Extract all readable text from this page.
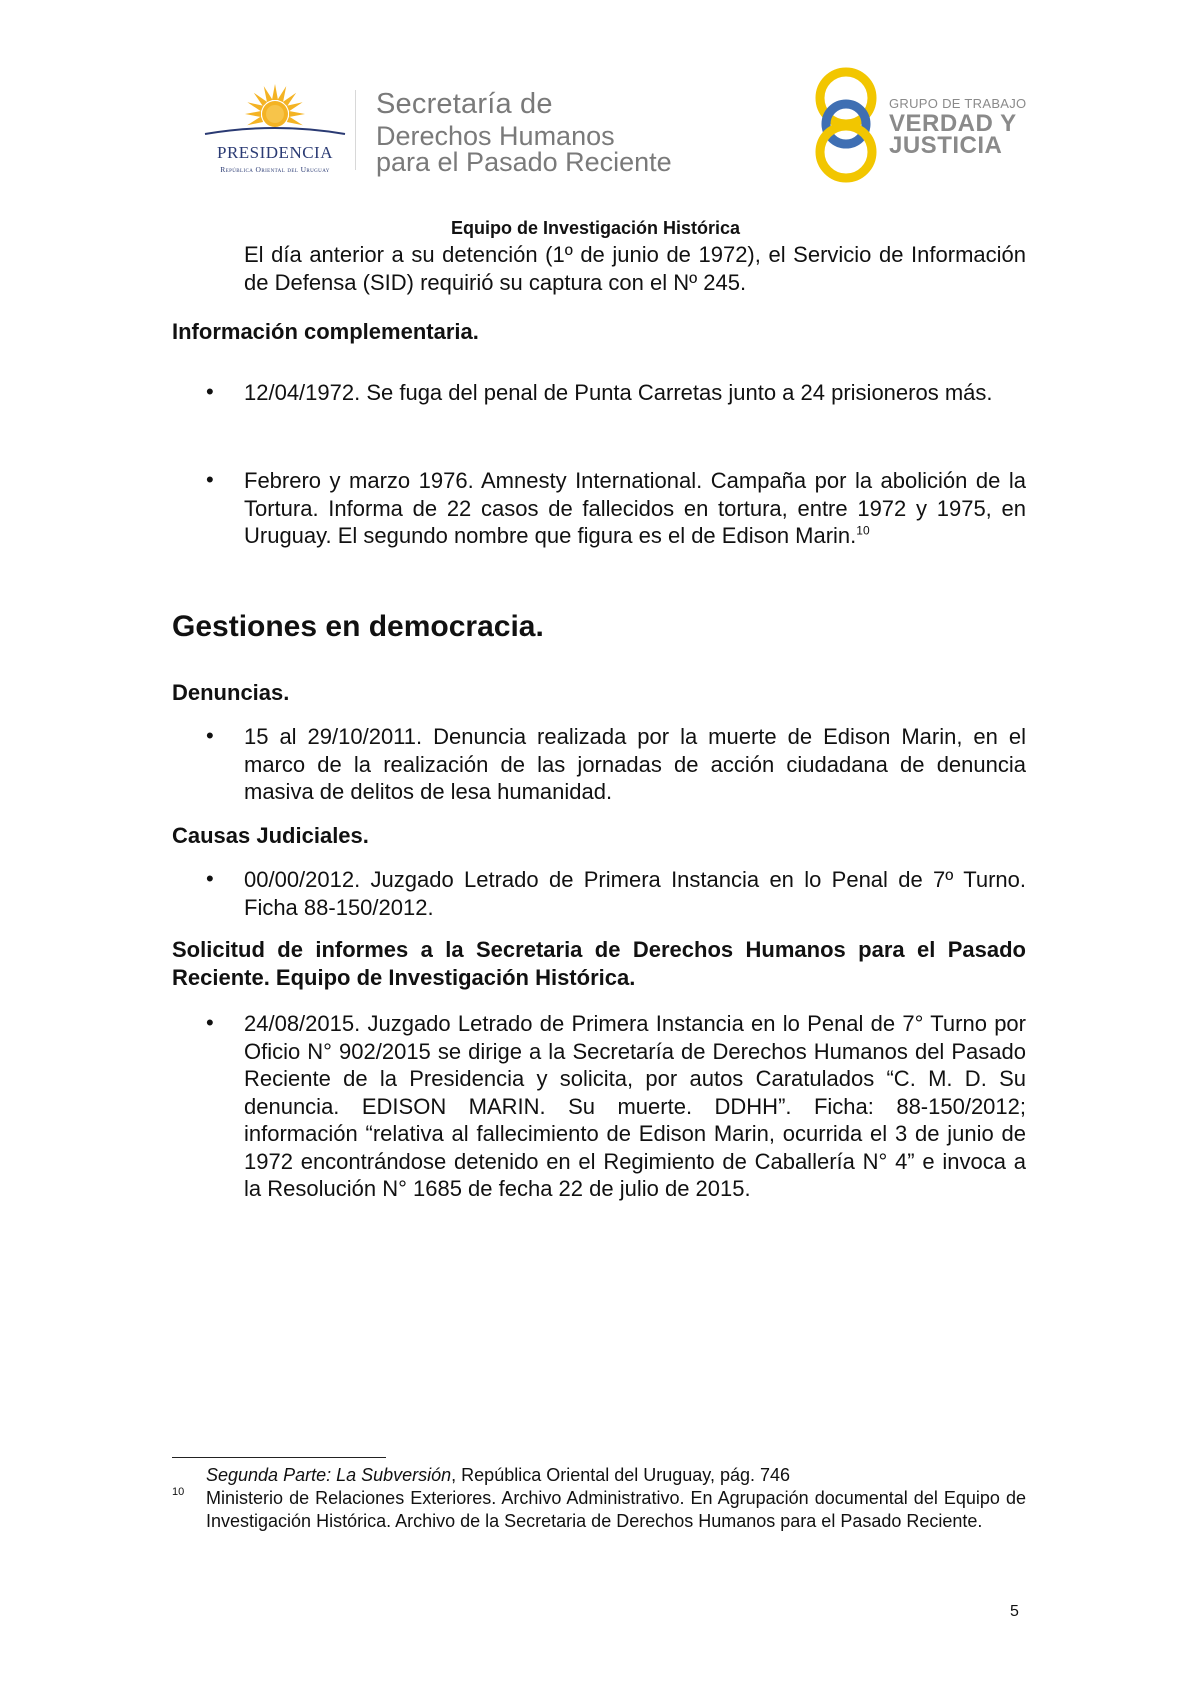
PRESIDENCIA
República Oriental del Uruguay
Secretaría de
Derechos Humanos
para el Pasado Reciente
GRUPO DE TRABAJO
VERDAD Y
JUSTICIA
Equipo de Investigación Histórica
El día anterior a su detención (1º de junio de 1972), el Servicio de Información de Defensa (SID) requirió su captura con el Nº 245.
Información complementaria.
• 12/04/1972. Se fuga del penal de Punta Carretas junto a 24 prisioneros más.
• Febrero y marzo 1976. Amnesty International. Campaña por la abolición de la Tortura. Informa de 22 casos de fallecidos en tortura, entre 1972 y 1975, en Uruguay. El segundo nombre que figura es el de Edison Marin.$^{10}$
Gestiones en democracia.
Denuncias.
• 15 al 29/10/2011. Denuncia realizada por la muerte de Edison Marin, en el marco de la realización de las jornadas de acción ciudadana de denuncia masiva de delitos de lesa humanidad.
Causas Judiciales.
• 00/00/2012. Juzgado Letrado de Primera Instancia en lo Penal de 7º Turno. Ficha 88-150/2012.
Solicitud de informes a la Secretaria de Derechos Humanos para el Pasado Reciente. Equipo de Investigación Histórica.
• 24/08/2015. Juzgado Letrado de Primera Instancia en lo Penal de 7° Turno por Oficio N° 902/2015 se dirige a la Secretaría de Derechos Humanos del Pasado Reciente de la Presidencia y solicita, por autos Caratulados “C. M. D. Su denuncia. EDISON MARIN. Su muerte. DDHH”. Ficha: 88-150/2012; información “relativa al fallecimiento de Edison Marin, ocurrida el 3 de junio de 1972 encontrándose detenido en el Regimiento de Caballería N° 4” e invoca a la Resolución N° 1685 de fecha 22 de julio de 2015.
Segunda Parte: La Subversión, República Oriental del Uruguay, pág. 746
10 Ministerio de Relaciones Exteriores. Archivo Administrativo. En Agrupación documental del Equipo de Investigación Histórica. Archivo de la Secretaria de Derechos Humanos para el Pasado Reciente.
5
